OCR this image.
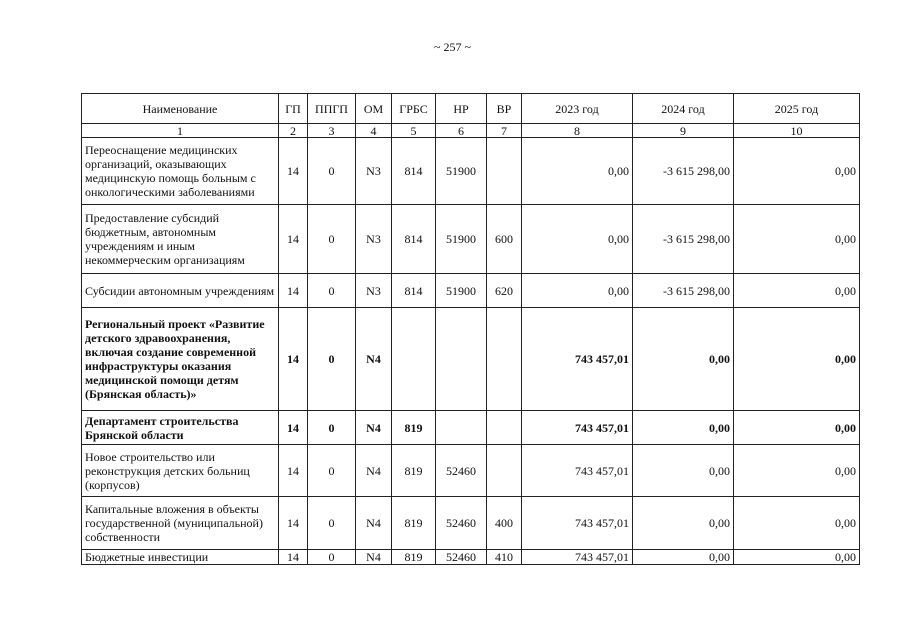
~ 257 ~
Наименование	ГП	ППГП	ОМ	ГРБС	НР	ВР	2023 год	2024 год	2025 год
1	2	3	4	5	6	7	8	9	10
Переоснащение медицинских организаций, оказывающих медицинскую помощь больным с онкологическими заболеваниями	14	0	N3	814	51900		0,00	-3 615 298,00	0,00
Предоставление субсидий бюджетным, автономным учреждениям и иным некоммерческим организациям	14	0	N3	814	51900	600	0,00	-3 615 298,00	0,00
Субсидии автономным учреждениям	14	0	N3	814	51900	620	0,00	-3 615 298,00	0,00
Региональный проект «Развитие детского здравоохранения, включая создание современной инфраструктуры оказания медицинской помощи детям (Брянская область)»	14	0	N4				743 457,01	0,00	0,00
Департамент строительства Брянской области	14	0	N4	819			743 457,01	0,00	0,00
Новое строительство или реконструкция детских больниц (корпусов)	14	0	N4	819	52460		743 457,01	0,00	0,00
Капитальные вложения в объекты государственной (муниципальной) собственности	14	0	N4	819	52460	400	743 457,01	0,00	0,00
Бюджетные инвестиции	14	0	N4	819	52460	410	743 457,01	0,00	0,00
